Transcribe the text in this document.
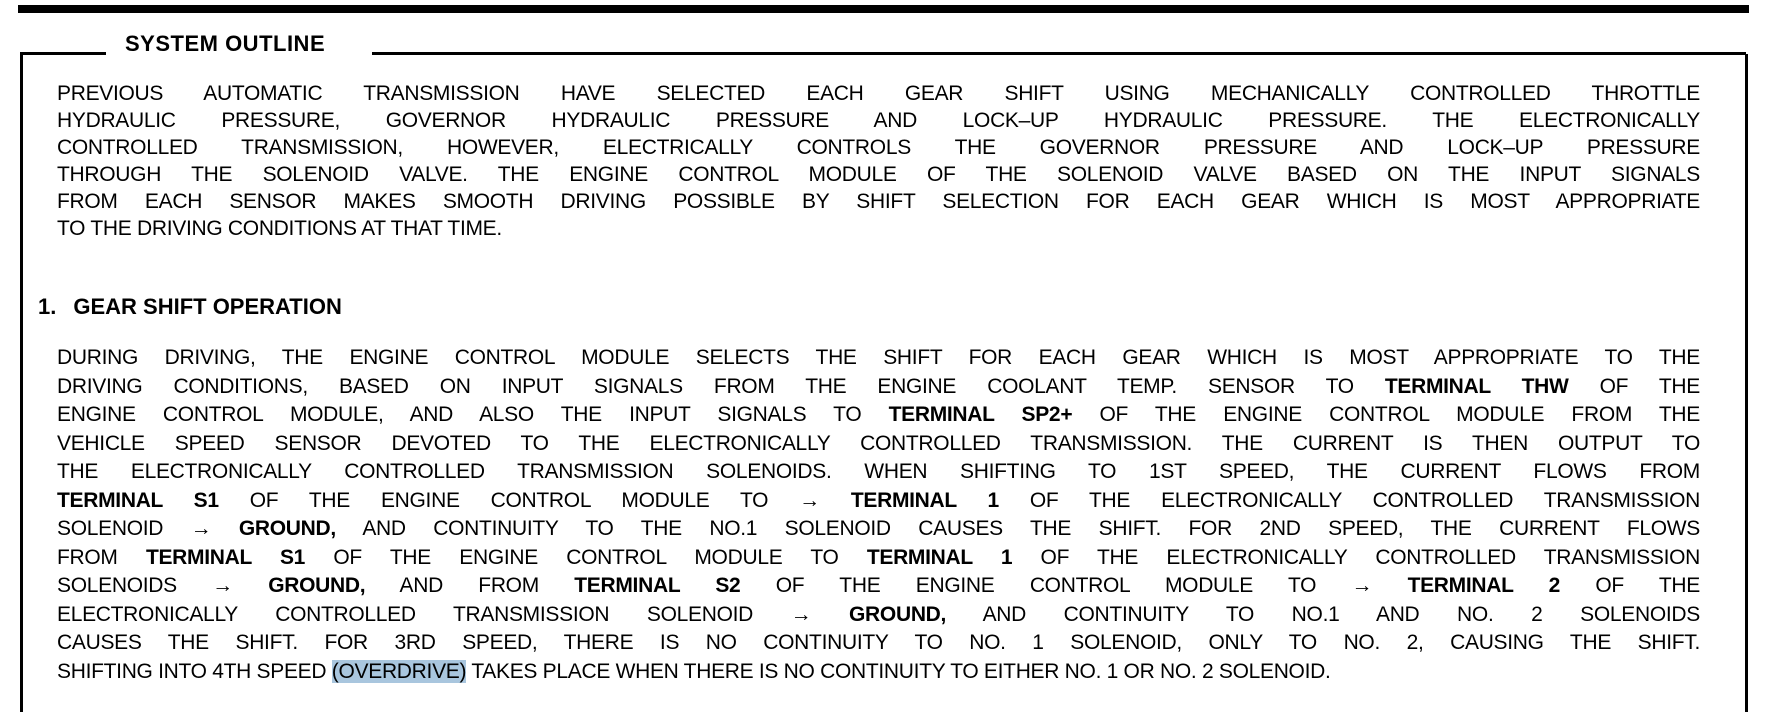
SYSTEM OUTLINE
PREVIOUS AUTOMATIC TRANSMISSION HAVE SELECTED EACH GEAR SHIFT USING MECHANICALLY CONTROLLED THROTTLE
HYDRAULIC PRESSURE, GOVERNOR HYDRAULIC PRESSURE AND LOCK–UP HYDRAULIC PRESSURE. THE ELECTRONICALLY
CONTROLLED TRANSMISSION, HOWEVER, ELECTRICALLY CONTROLS THE GOVERNOR PRESSURE AND LOCK–UP PRESSURE
THROUGH THE SOLENOID VALVE. THE ENGINE CONTROL MODULE OF THE SOLENOID VALVE BASED ON THE INPUT SIGNALS
FROM EACH SENSOR MAKES SMOOTH DRIVING POSSIBLE BY SHIFT SELECTION FOR EACH GEAR WHICH IS MOST APPROPRIATE
TO THE DRIVING CONDITIONS AT THAT TIME.
1. GEAR SHIFT OPERATION
DURING DRIVING, THE ENGINE CONTROL MODULE SELECTS THE SHIFT FOR EACH GEAR WHICH IS MOST APPROPRIATE TO THE
DRIVING CONDITIONS, BASED ON INPUT SIGNALS FROM THE ENGINE COOLANT TEMP. SENSOR TO TERMINAL THW OF THE
ENGINE CONTROL MODULE, AND ALSO THE INPUT SIGNALS TO TERMINAL SP2+ OF THE ENGINE CONTROL MODULE FROM THE
VEHICLE SPEED SENSOR DEVOTED TO THE ELECTRONICALLY CONTROLLED TRANSMISSION. THE CURRENT IS THEN OUTPUT TO
THE ELECTRONICALLY CONTROLLED TRANSMISSION SOLENOIDS. WHEN SHIFTING TO 1ST SPEED, THE CURRENT FLOWS FROM
TERMINAL S1 OF THE ENGINE CONTROL MODULE TO → TERMINAL 1 OF THE ELECTRONICALLY CONTROLLED TRANSMISSION
SOLENOID → GROUND, AND CONTINUITY TO THE NO.1 SOLENOID CAUSES THE SHIFT. FOR 2ND SPEED, THE CURRENT FLOWS
FROM TERMINAL S1 OF THE ENGINE CONTROL MODULE TO TERMINAL 1 OF THE ELECTRONICALLY CONTROLLED TRANSMISSION
SOLENOIDS → GROUND, AND FROM TERMINAL S2 OF THE ENGINE CONTROL MODULE TO → TERMINAL 2 OF THE
ELECTRONICALLY CONTROLLED TRANSMISSION SOLENOID → GROUND, AND CONTINUITY TO NO.1 AND NO. 2 SOLENOIDS
CAUSES THE SHIFT. FOR 3RD SPEED, THERE IS NO CONTINUITY TO NO. 1 SOLENOID, ONLY TO NO. 2, CAUSING THE SHIFT.
SHIFTING INTO 4TH SPEED (OVERDRIVE) TAKES PLACE WHEN THERE IS NO CONTINUITY TO EITHER NO. 1 OR NO. 2 SOLENOID.
